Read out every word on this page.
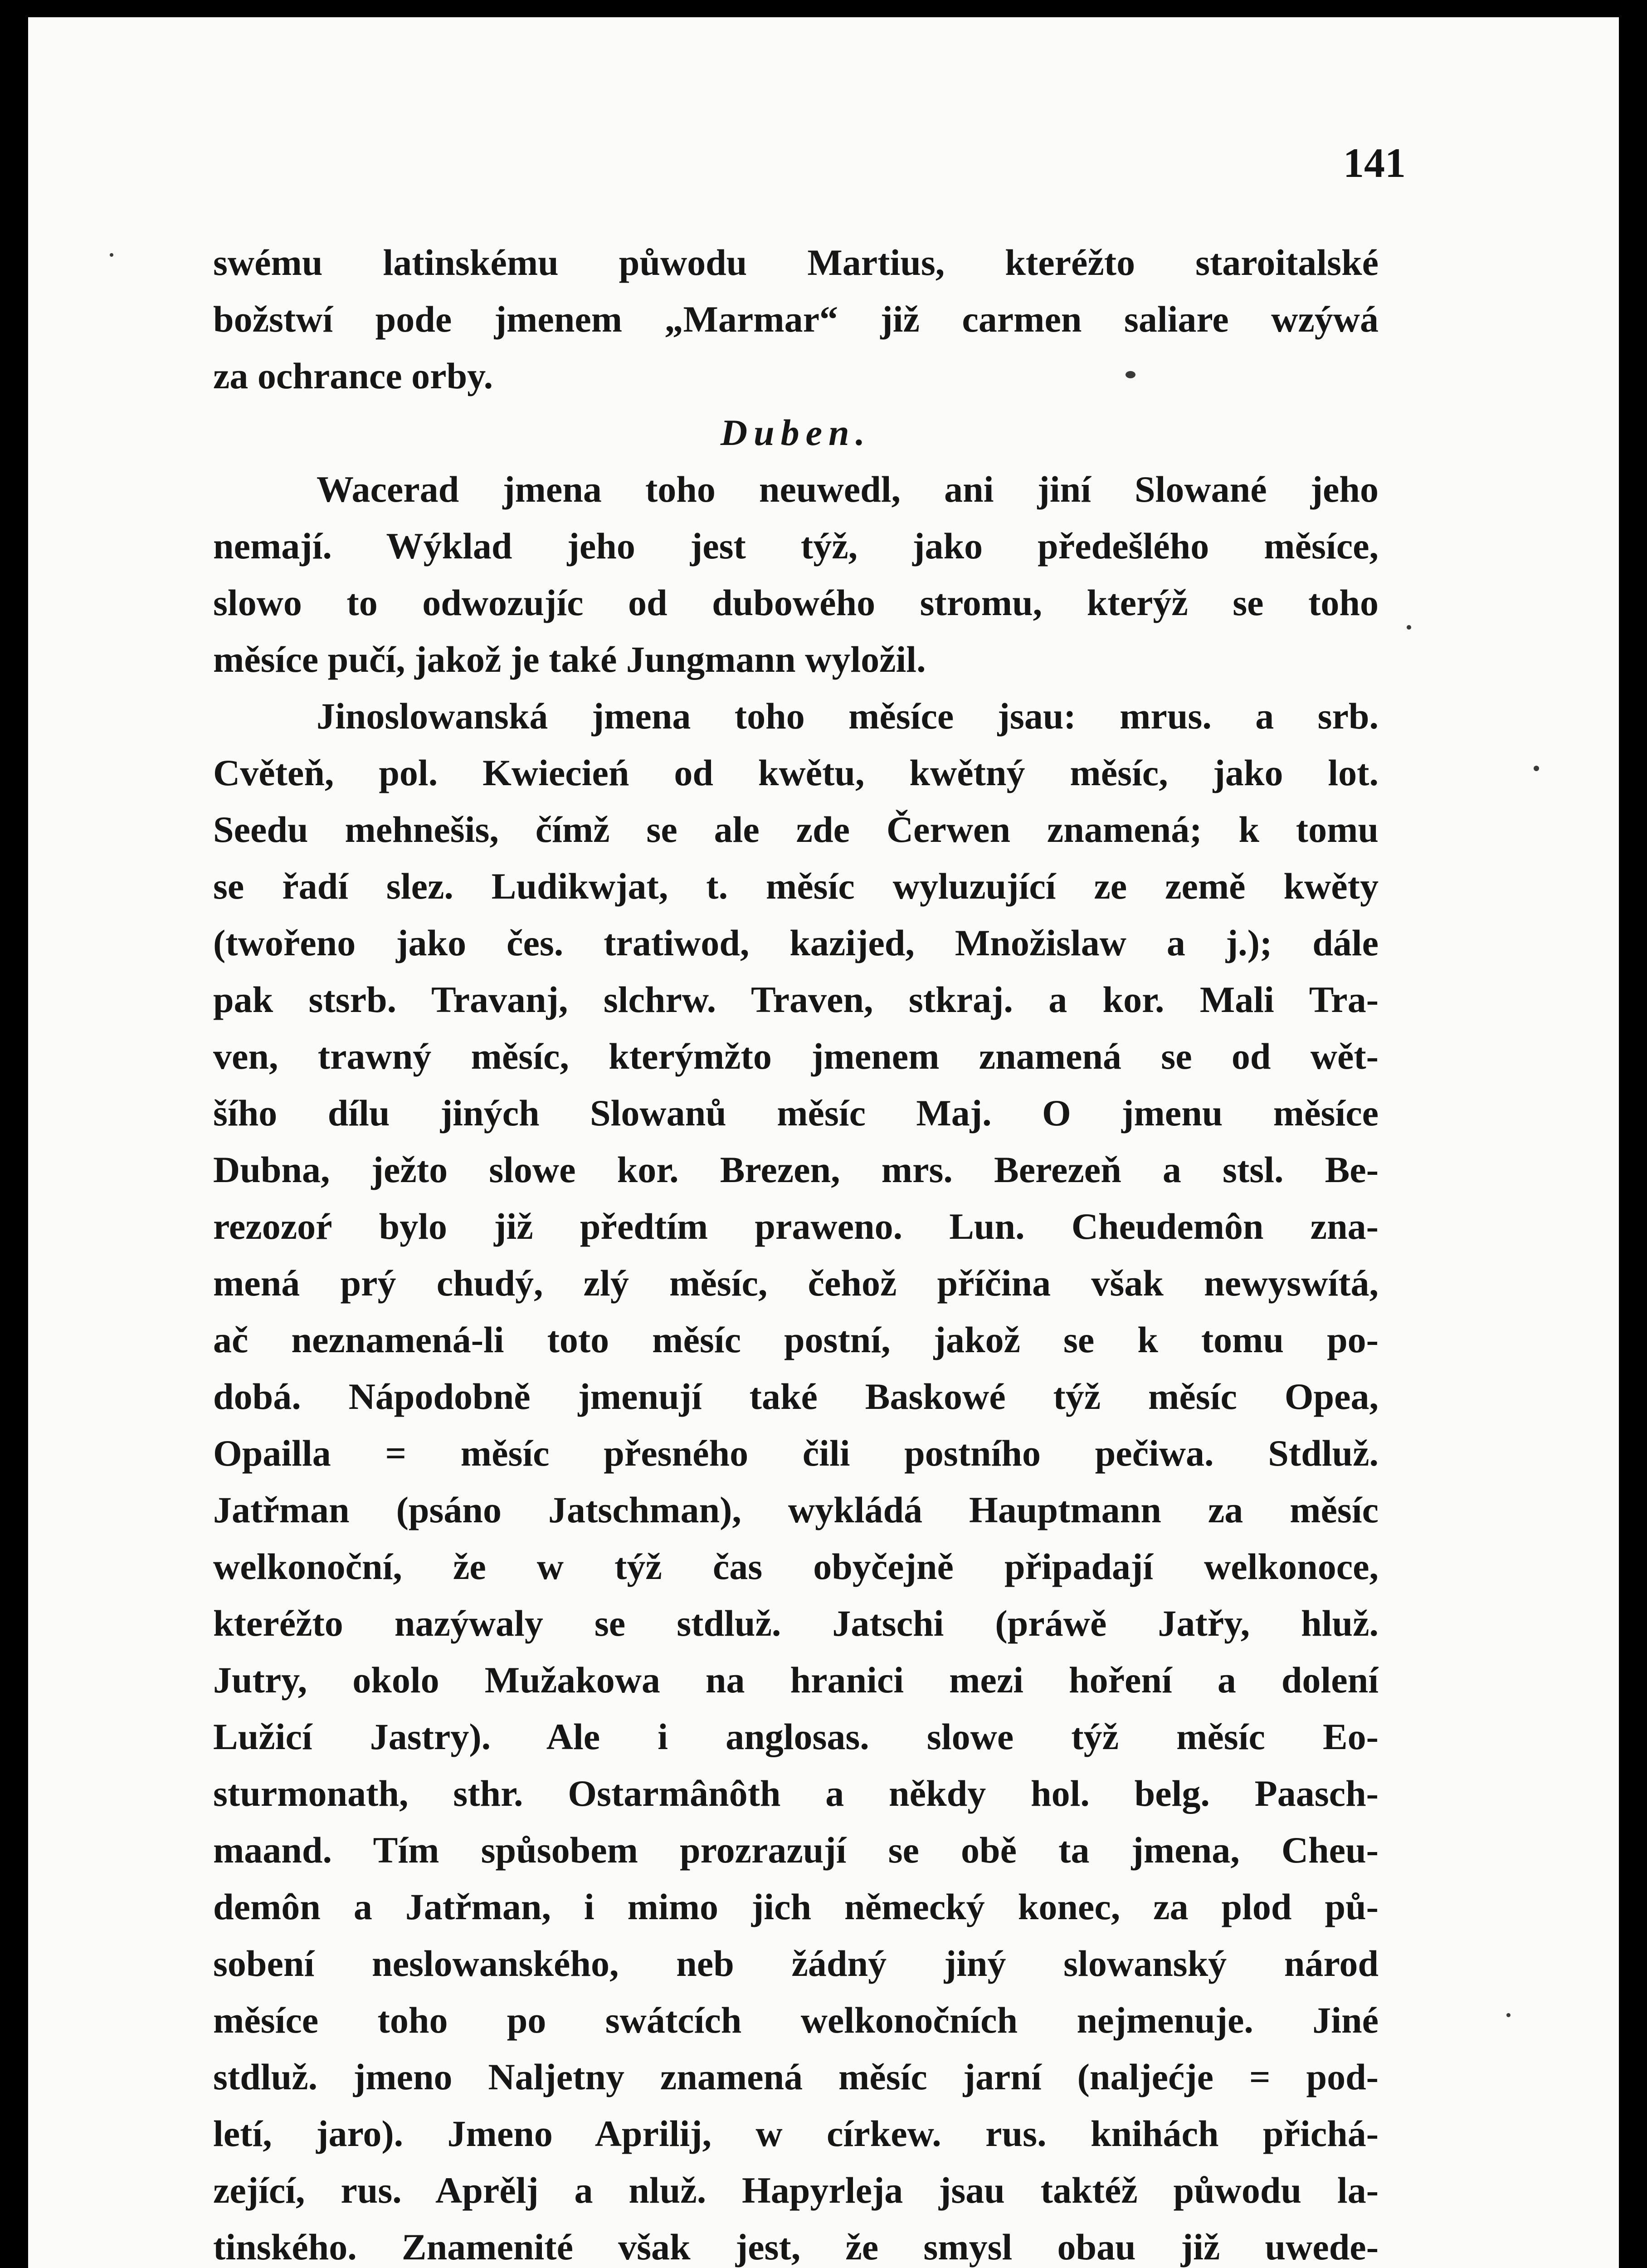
141

swému latinskému půwodu Martius, kteréžto staroitalské
božstwí pode jmenem „Marmar“ již carmen saliare wzýwá
za ochrance orby.
Duben.
Wacerad jmena toho neuwedl, ani jiní Slowané jeho
nemají. Wýklad jeho jest týž, jako předešlého měsíce,
slowo to odwozujíc od dubowého stromu, kterýž se toho
měsíce pučí, jakož je také Jungmann wyložil.
Jinoslowanská jmena toho měsíce jsau: mrus. a srb.
Cvěteň, pol. Kwiecień od kwětu, kwětný měsíc, jako lot.
Seedu mehnešis, čímž se ale zde Čerwen znamená; k tomu
se řadí slez. Ludikwjat, t. měsíc wyluzující ze země kwěty
(twořeno jako čes. tratiwod, kazijed, Množislaw a j.); dále
pak stsrb. Travanj, slchrw. Traven, stkraj. a kor. Mali Tra-
ven, trawný měsíc, kterýmžto jmenem znamená se od wět-
šího dílu jiných Slowanů měsíc Maj. O jmenu měsíce
Dubna, ježto slowe kor. Brezen, mrs. Berezeň a stsl. Be-
rezozoŕ bylo již předtím praweno. Lun. Cheudemôn zna-
mená prý chudý, zlý měsíc, čehož příčina však newyswítá,
ač neznamená-li toto měsíc postní, jakož se k tomu po-
dobá. Nápodobně jmenují také Baskowé týž měsíc Opea,
Opailla = měsíc přesného čili postního pečiwa. Stdluž.
Jatřman (psáno Jatschman), wykládá Hauptmann za měsíc
welkonoční, že w týž čas obyčejně připadají welkonoce,
kteréžto nazýwaly se stdluž. Jatschi (práwě Jatřy, hluž.
Jutry, okolo Mužakowa na hranici mezi hoření a dolení
Lužicí Jastry). Ale i anglosas. slowe týž měsíc Eo-
sturmonath, sthr. Ostarmânôth a někdy hol. belg. Paasch-
maand. Tím spůsobem prozrazují se obě ta jmena, Cheu-
demôn a Jatřman, i mimo jich německý konec, za plod pů-
sobení neslowanského, neb žádný jiný slowanský národ
měsíce toho po swátcích welkonočních nejmenuje. Jiné
stdluž. jmeno Naljetny znamená měsíc jarní (naljećje = pod-
letí, jaro). Jmeno Aprilij, w církew. rus. knihách přichá-
zející, rus. Aprělj a nluž. Hapyrleja jsau taktéž půwodu la-
tinského. Znamenité však jest, že smysl obau již uwede-
